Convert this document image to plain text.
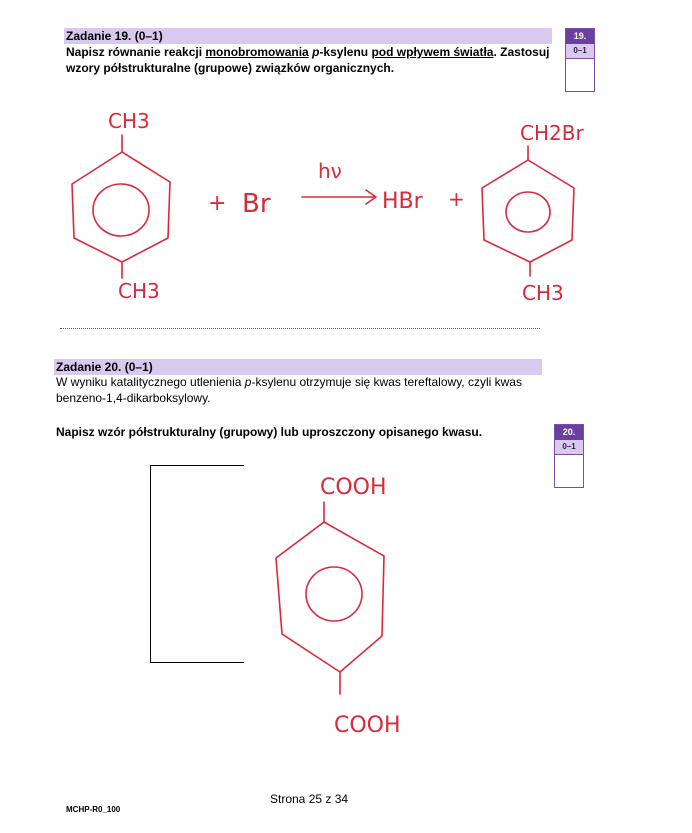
Zadanie 19. (0–1)
Napisz równanie reakcji monobromowania p-ksylenu pod wpływem światła. Zastosuj
wzory półstrukturalne (grupowe) związków organicznych.
19.
0–1
CH3
CH3
+ Br
hν
HBr +
CH2Br
CH3
Zadanie 20. (0–1)
W wyniku katalitycznego utlenienia p-ksylenu otrzymuje się kwas tereftalowy, czyli kwas
benzeno-1,4-dikarboksylowy.
Napisz wzór półstrukturalny (grupowy) lub uproszczony opisanego kwasu.	20.
0–1
COOH
COOH
Strona 25 z 34
MCHP-R0_100
